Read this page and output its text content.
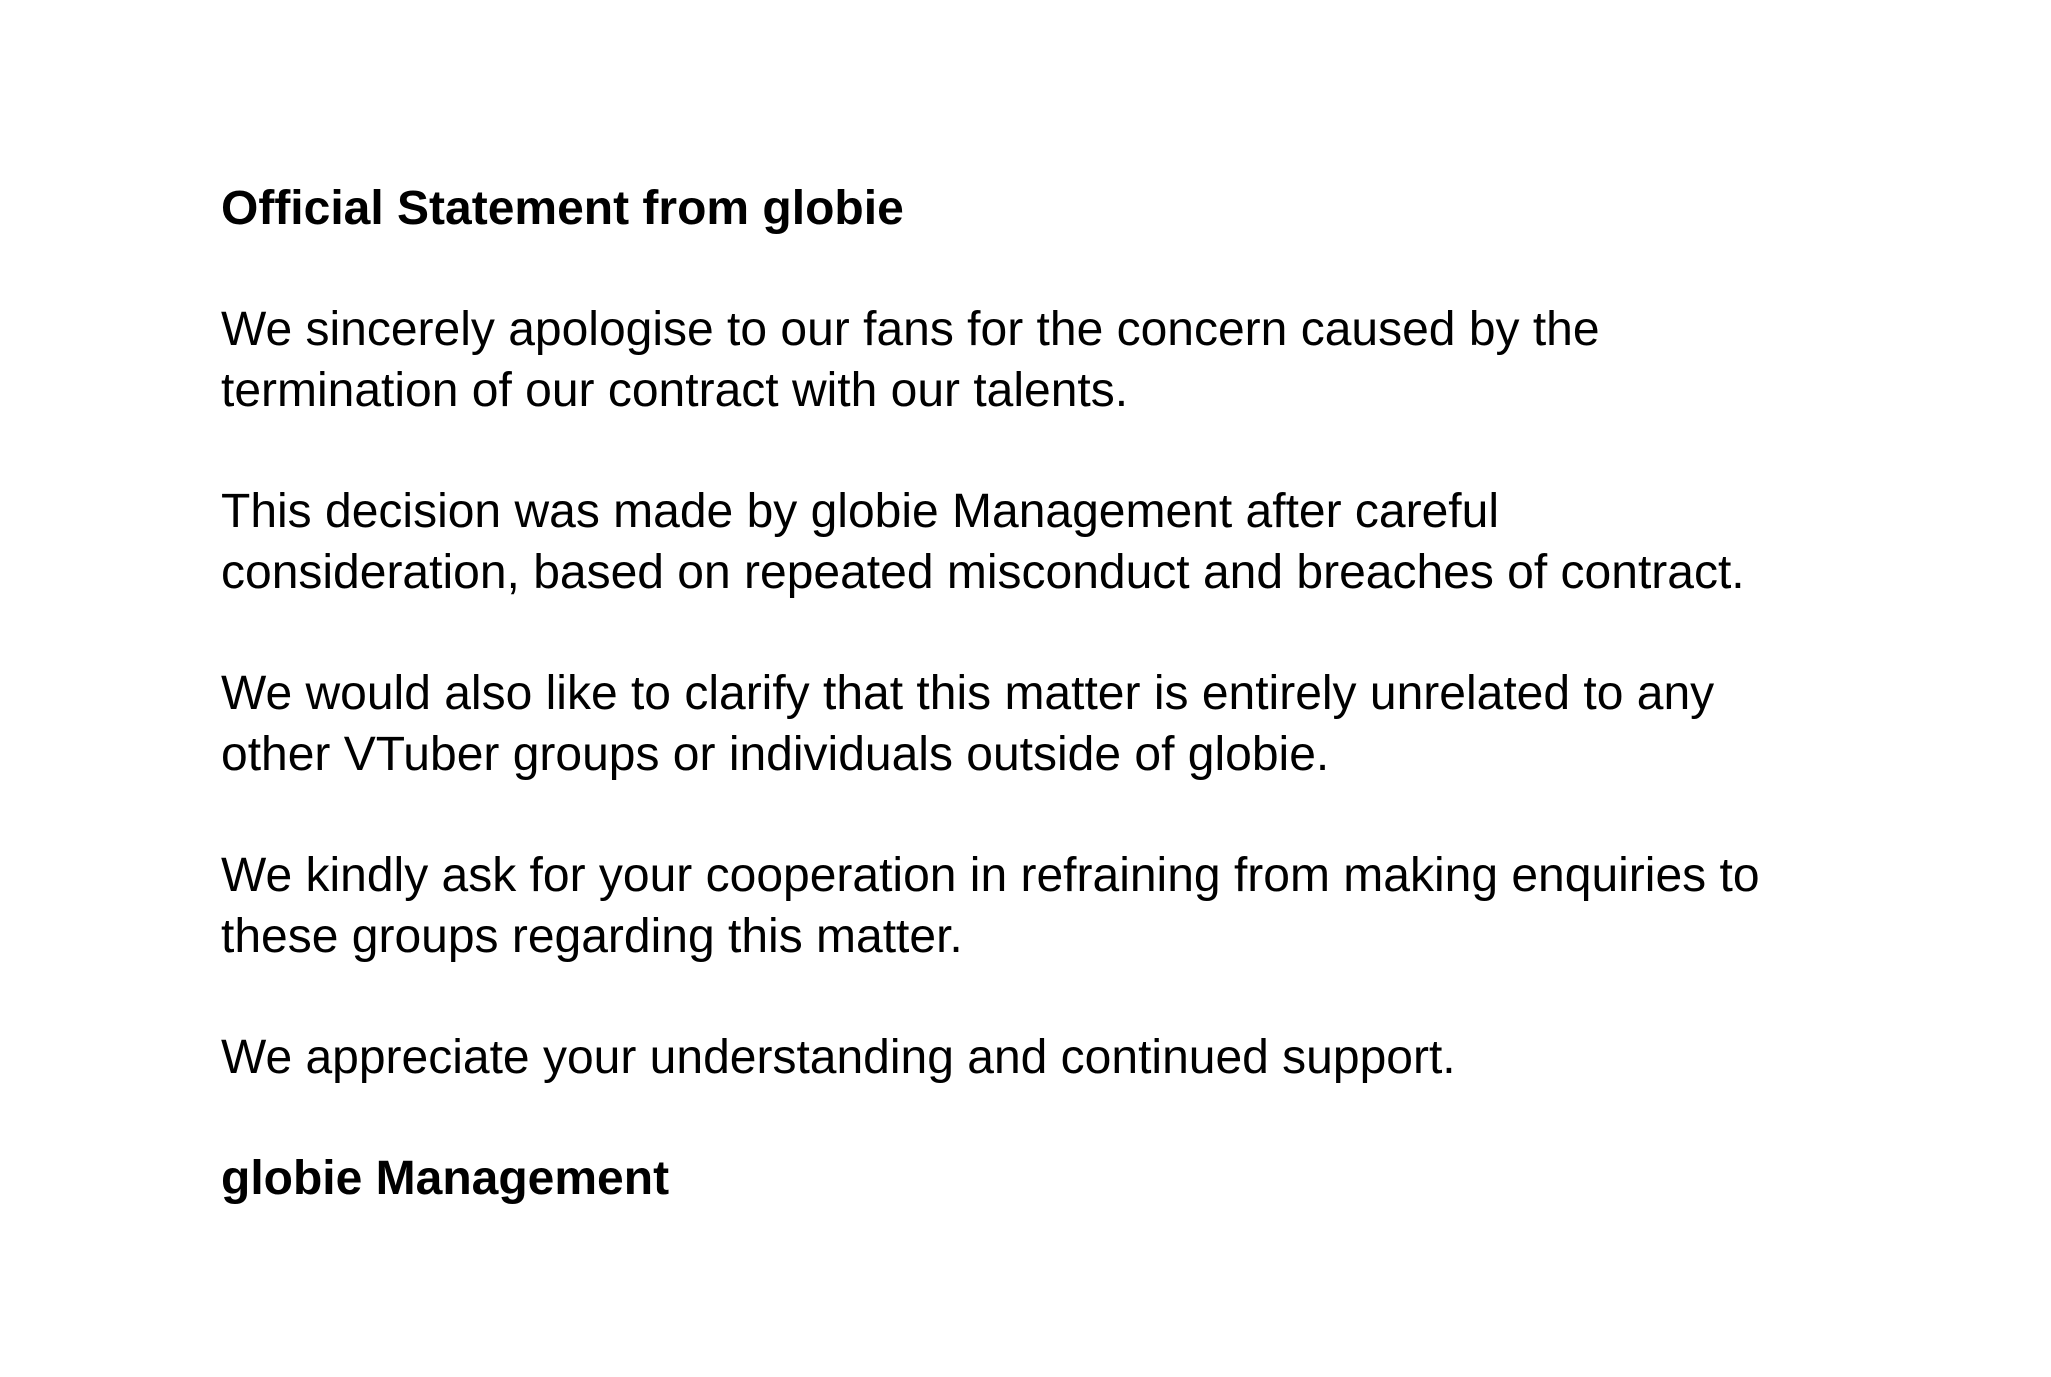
Official Statement from globie
We sincerely apologise to our fans for the concern caused by the
termination of our contract with our talents.
This decision was made by globie Management after careful
consideration, based on repeated misconduct and breaches of contract.
We would also like to clarify that this matter is entirely unrelated to any
other VTuber groups or individuals outside of globie.
We kindly ask for your cooperation in refraining from making enquiries to
these groups regarding this matter.
We appreciate your understanding and continued support.
globie Management
